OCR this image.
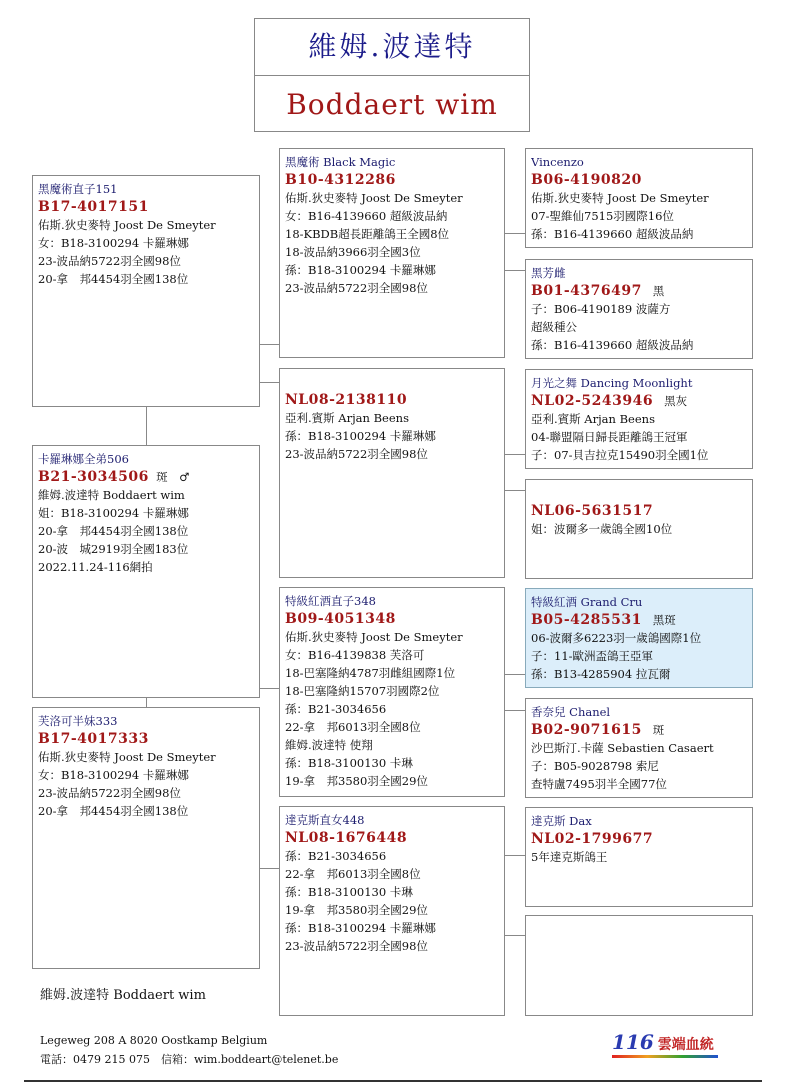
維姆.波達特
Boddaert wim
黑魔術直子151
B17-4017151
佑斯.狄史麥特 Joost De Smeyter
女：B18-3100294 卡羅琳娜
23-波品納5722羽全國98位
20-拿　邦4454羽全國138位
卡羅琳娜全弟506
B21-3034506 斑　♂
維姆.波達特 Boddaert wim
姐：B18-3100294 卡羅琳娜
20-拿　邦4454羽全國138位
20-波　城2919羽全國183位
2022.11.24-116網拍
芙洛可半妹333
B17-4017333
佑斯.狄史麥特 Joost De Smeyter
女：B18-3100294 卡羅琳娜
23-波品納5722羽全國98位
20-拿　邦4454羽全國138位
黑魔術 Black Magic
B10-4312286
佑斯.狄史麥特 Joost De Smeyter
女：B16-4139660 超級波品納
18-KBDB超長距離鴿王全國8位
18-波品納3966羽全國3位
孫：B18-3100294 卡羅琳娜
23-波品納5722羽全國98位
NL08-2138110
亞利.賓斯 Arjan Beens
孫：B18-3100294 卡羅琳娜
23-波品納5722羽全國98位
特級紅酒直子348
B09-4051348
佑斯.狄史麥特 Joost De Smeyter
女：B16-4139838 芙洛可
18-巴塞隆納4787羽雌組國際1位
18-巴塞隆納15707羽國際2位
孫：B21-3034656
22-拿　邦6013羽全國8位
維姆.波達特 使翔
孫：B18-3100130 卡琳
19-拿　邦3580羽全國29位
達克斯直女448
NL08-1676448
孫：B21-3034656
22-拿　邦6013羽全國8位
孫：B18-3100130 卡琳
19-拿　邦3580羽全國29位
孫：B18-3100294 卡羅琳娜
23-波品納5722羽全國98位
Vincenzo
B06-4190820
佑斯.狄史麥特 Joost De Smeyter
07-聖維仙7515羽國際16位
孫：B16-4139660 超級波品納
黑芳雌
B01-4376497 黑
子：B06-4190189 波薩方
超級種公
孫：B16-4139660 超級波品納
月光之舞 Dancing Moonlight
NL02-5243946 黑灰
亞利.賓斯 Arjan Beens
04-聯盟隔日歸長距離鴿王冠軍
子：07-貝吉拉克15490羽全國1位
NL06-5631517
姐：波爾多一歲鴿全國10位
特級紅酒 Grand Cru
B05-4285531 黑斑
06-波爾多6223羽一歲鴿國際1位
子：11-歐洲盃鴿王亞軍
孫：B13-4285904 拉瓦爾
香奈兒 Chanel
B02-9071615 斑
沙巴斯汀.卡薩 Sebastien Casaert
子：B05-9028798 索尼
查特盧7495羽半全國77位
達克斯 Dax
NL02-1799677
5年達克斯鴿王
維姆.波達特 Boddaert wim
Legeweg 208 A 8020 Oostkamp Belgium
電話：0479 215 075　信箱：wim.boddeart@telenet.be
116 雲端血統
